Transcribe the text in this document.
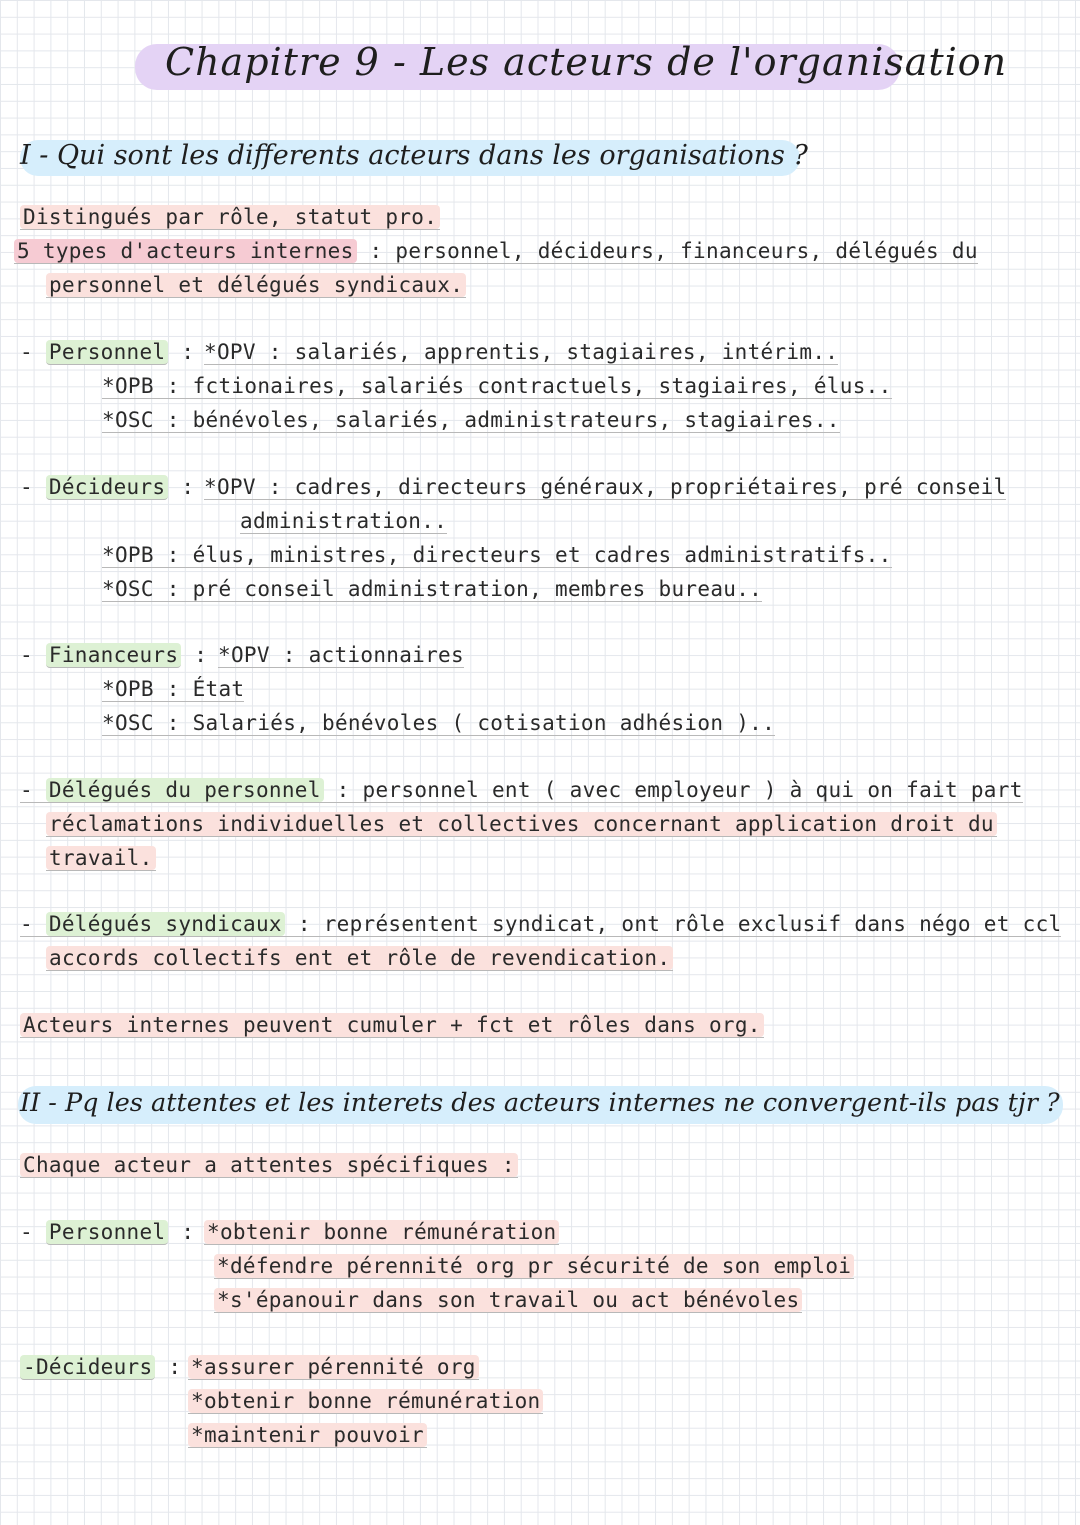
Chapitre 9 - Les acteurs de l'organisation
I - Qui sont les differents acteurs dans les organisations ?
Distingués par rôle, statut pro.
5 types d'acteurs internes : personnel, décideurs, financeurs, délégués du
personnel et délégués syndicaux.
- Personnel : *OPV : salariés, apprentis, stagiaires, intérim..
*OPB : fctionaires, salariés contractuels, stagiaires, élus..
*OSC : bénévoles, salariés, administrateurs, stagiaires..
- Décideurs : *OPV : cadres, directeurs généraux, propriétaires, pré conseil
administration..
*OPB : élus, ministres, directeurs et cadres administratifs..
*OSC : pré conseil administration, membres bureau..
- Financeurs : *OPV : actionnaires
*OPB : État
*OSC : Salariés, bénévoles ( cotisation adhésion )..
- Délégués du personnel : personnel ent ( avec employeur ) à qui on fait part
réclamations individuelles et collectives concernant application droit du
travail.
- Délégués syndicaux : représentent syndicat, ont rôle exclusif dans négo et ccl
accords collectifs ent et rôle de revendication.
Acteurs internes peuvent cumuler + fct et rôles dans org.
II - Pq les attentes et les interets des acteurs internes ne convergent-ils pas tjr ?
Chaque acteur a attentes spécifiques :
- Personnel : *obtenir bonne rémunération
*défendre pérennité org pr sécurité de son emploi
*s'épanouir dans son travail ou act bénévoles
-Décideurs : *assurer pérennité org
*obtenir bonne rémunération
*maintenir pouvoir
